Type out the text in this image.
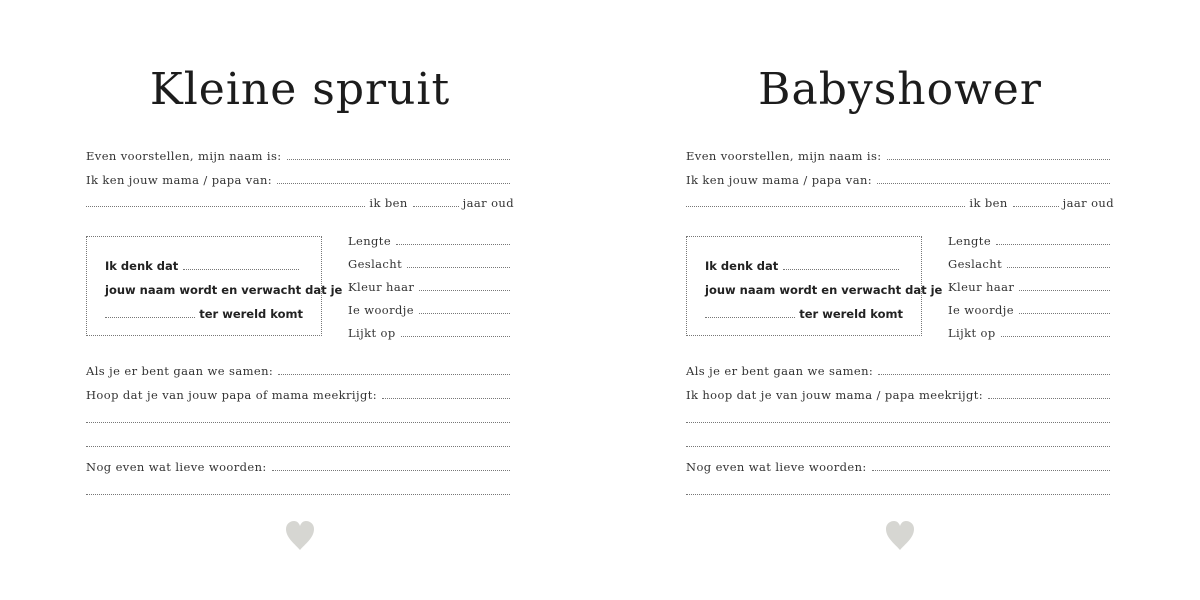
Kleine spruit
Even voorstellen, mijn naam is:
Ik ken jouw mama / papa van:
ik ben	jaar oud
Ik denk dat
jouw naam wordt en verwacht dat je
ter wereld komt
Lengte
Geslacht
Kleur haar
Ie woordje
Lijkt op
Als je er bent gaan we samen:
Hoop dat je van jouw papa of mama meekrijgt:
Nog even wat lieve woorden:
Babyshower
Even voorstellen, mijn naam is:
Ik ken jouw mama / papa van:
ik ben	jaar oud
Ik denk dat
jouw naam wordt en verwacht dat je
ter wereld komt
Lengte
Geslacht
Kleur haar
Ie woordje
Lijkt op
Als je er bent gaan we samen:
Ik hoop dat je van jouw mama / papa meekrijgt:
Nog even wat lieve woorden:
